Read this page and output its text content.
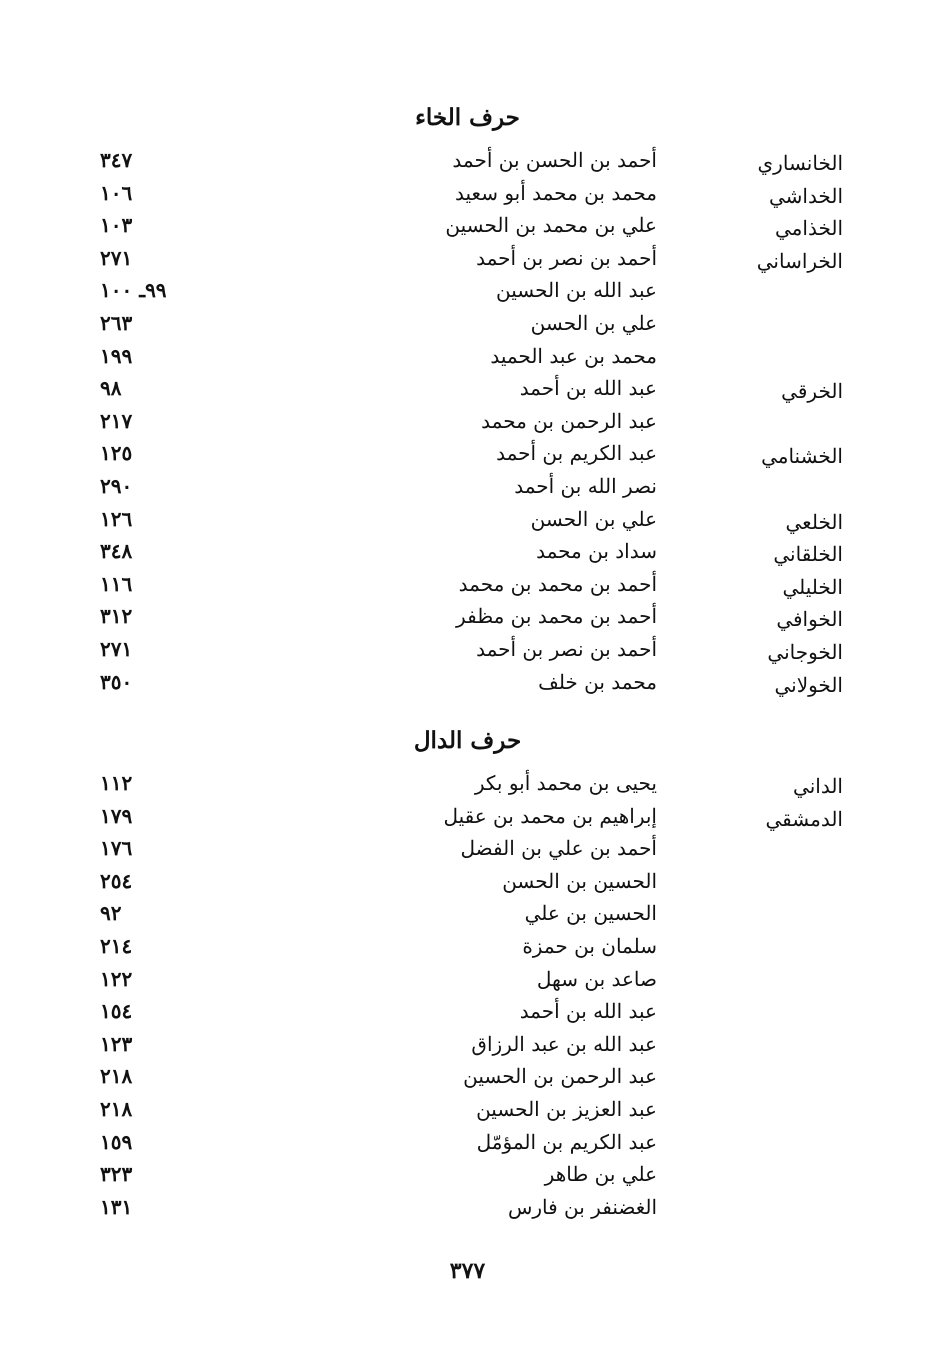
حرف الخاء
الخانساري
أحمد بن الحسن بن أحمد
٣٤٧
الخداشي
محمد بن محمد أبو سعيد
١٠٦
الخذامي
علي بن محمد بن الحسين
١٠٣
الخراساني
أحمد بن نصر بن أحمد
٢٧١
عبد الله بن الحسين
٩٩ـ ١٠٠
علي بن الحسن
٢٦٣
محمد بن عبد الحميد
١٩٩
الخرقي
عبد الله بن أحمد
٩٨
عبد الرحمن بن محمد
٢١٧
الخشنامي
عبد الكريم بن أحمد
١٢٥
نصر الله بن أحمد
٢٩٠
الخلعي
علي بن الحسن
١٢٦
الخلقاني
سداد بن محمد
٣٤٨
الخليلي
أحمد بن محمد بن محمد
١١٦
الخوافي
أحمد بن محمد بن مظفر
٣١٢
الخوجاني
أحمد بن نصر بن أحمد
٢٧١
الخولاني
محمد بن خلف
٣٥٠
حرف الدال
الداني
يحيى بن محمد أبو بكر
١١٢
الدمشقي
إبراهيم بن محمد بن عقيل
١٧٩
أحمد بن علي بن الفضل
١٧٦
الحسين بن الحسن
٢٥٤
الحسين بن علي
٩٢
سلمان بن حمزة
٢١٤
صاعد بن سهل
١٢٢
عبد الله بن أحمد
١٥٤
عبد الله بن عبد الرزاق
١٢٣
عبد الرحمن بن الحسين
٢١٨
عبد العزيز بن الحسين
٢١٨
عبد الكريم بن المؤمّل
١٥٩
علي بن طاهر
٣٢٣
الغضنفر بن فارس
١٣١
٣٧٧
